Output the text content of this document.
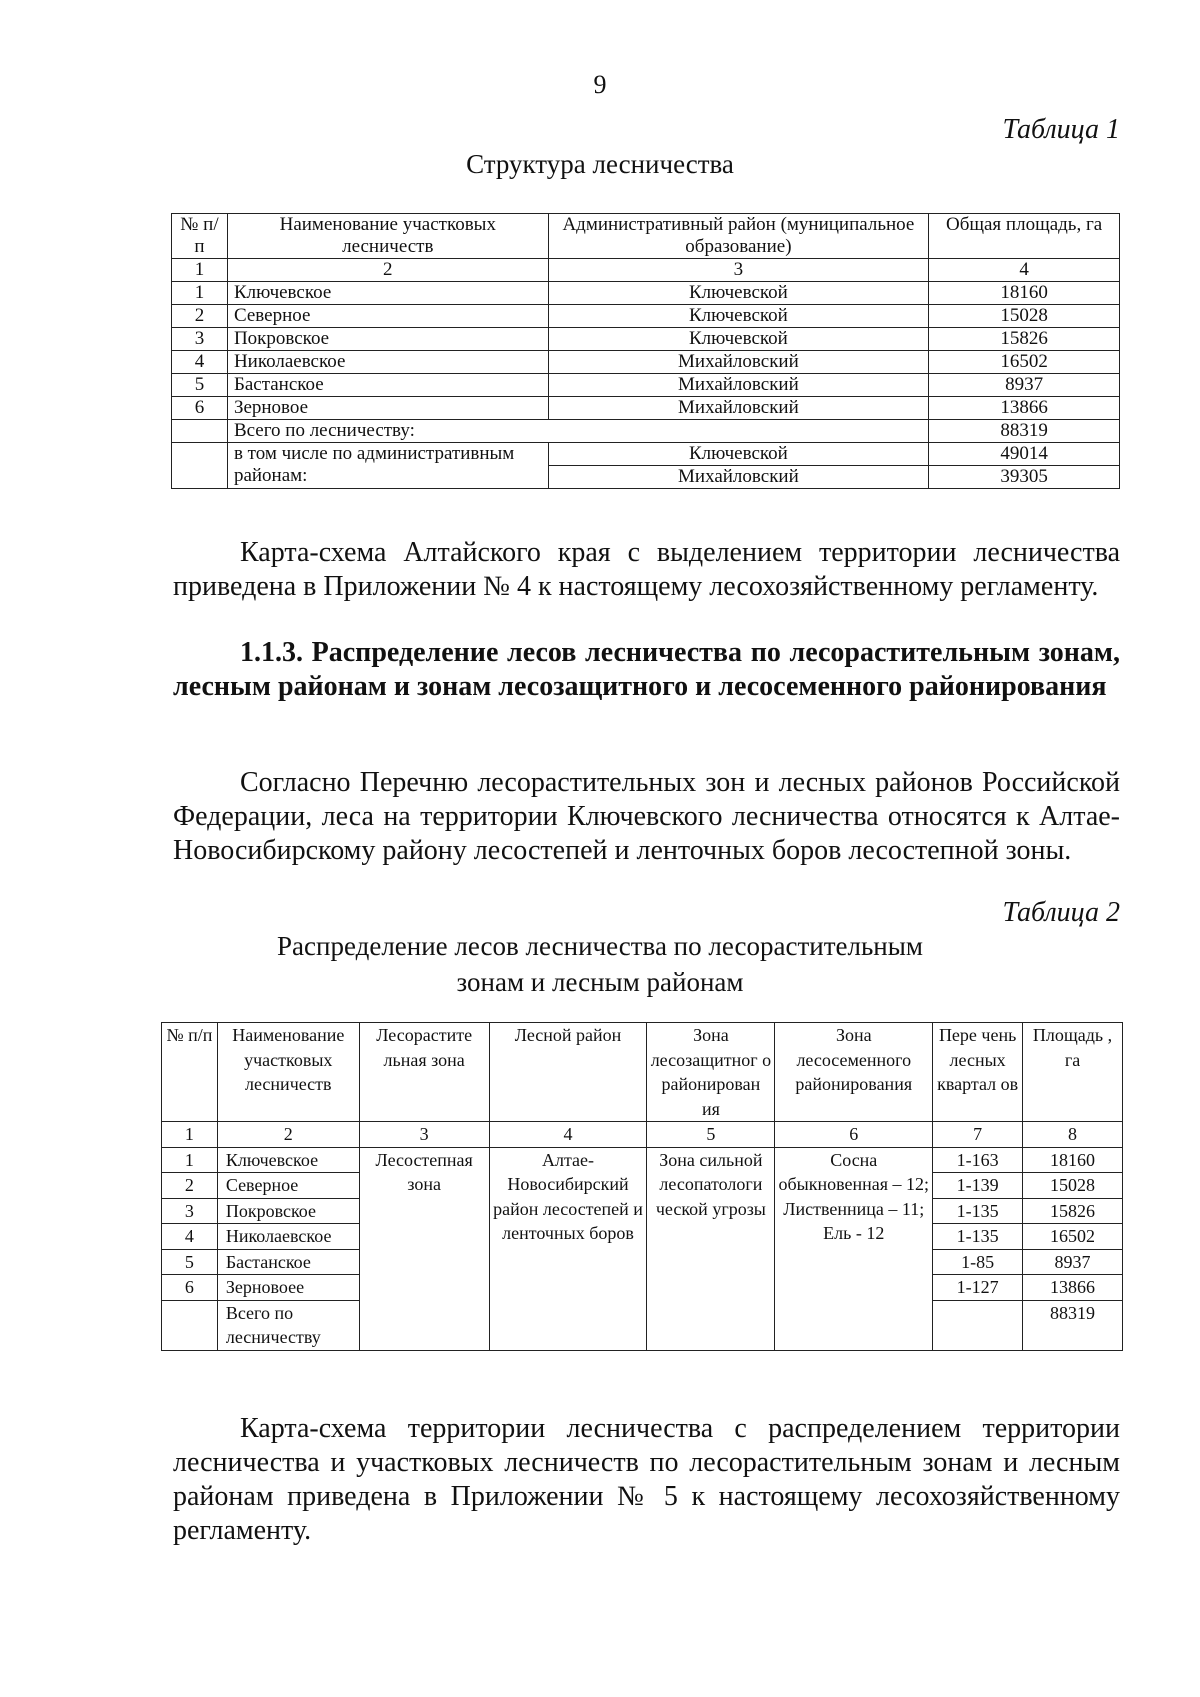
9
Таблица 1
Структура лесничества
№ п/п	Наименование участковых лесничеств	Административный район (муниципальное образование)	Общая площадь, га
1	2	3	4
1	Ключевское	Ключевской	18160
2	Северное	Ключевской	15028
3	Покровское	Ключевской	15826
4	Николаевское	Михайловский	16502
5	Бастанское	Михайловский	8937
6	Зерновое	Михайловский	13866
	Всего по лесничеству:		88319
	в том числе по административным районам:	Ключевской	49014
		Михайловский	39305
Карта-схема Алтайского края с выделением территории лесничества приведена в Приложении № 4 к настоящему лесохозяйственному регламенту.
1.1.3. Распределение лесов лесничества по лесорастительным зонам, лесным районам и зонам лесозащитного и лесосеменного районирования
Согласно Перечню лесорастительных зон и лесных районов Российской Федерации, леса на территории Ключевского лесничества относятся к Алтае-Новосибирскому району лесостепей и ленточных боров лесостепной зоны.
Таблица 2
Распределение лесов лесничества по лесорастительным
зонам и лесным районам
№ п/п	Наименование участковых лесничеств	Лесорастите льная зона	Лесной район	Зона лесозащитног о районирован ия	Зона лесосеменного районирования	Пере чень лесных квартал ов	Площадь , га
1	2	3	4	5	6	7	8
1	Ключевское	Лесостепная зона	Алтае-Новосибирский район лесостепей и ленточных боров	Зона сильной лесопатологи ческой угрозы	Сосна обыкновенная – 12; Лиственница – 11; Ель - 12	1-163	18160
2	Северное					1-139	15028
3	Покровское					1-135	15826
4	Николаевское					1-135	16502
5	Бастанское					1-85	8937
6	Зерновоее					1-127	13866
	Всего по лесничеству						88319
Карта-схема территории лесничества с распределением территории лесничества и участковых лесничеств по лесорастительным зонам и лесным районам приведена в Приложении № 5 к настоящему лесохозяйственному регламенту.
